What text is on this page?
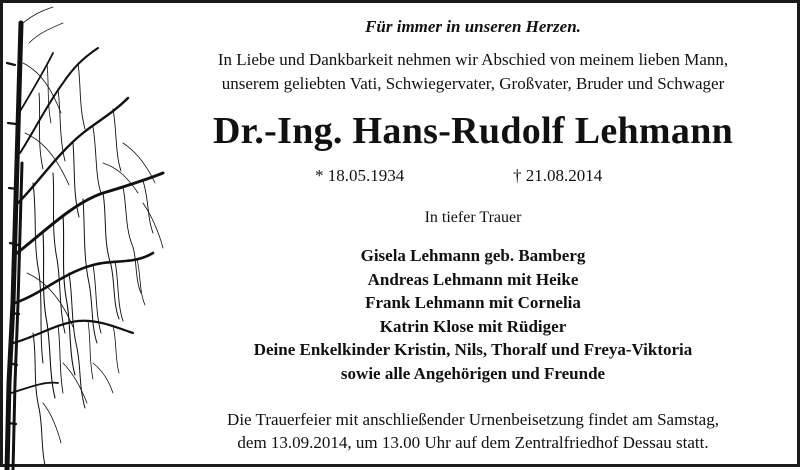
Für immer in unseren Herzen.
In Liebe und Dankbarkeit nehmen wir Abschied von meinem lieben Mann,
unserem geliebten Vati, Schwiegervater, Großvater, Bruder und Schwager
Dr.-Ing. Hans-Rudolf Lehmann
* 18.05.1934	† 21.08.2014
In tiefer Trauer
Gisela Lehmann geb. Bamberg
Andreas Lehmann mit Heike
Frank Lehmann mit Cornelia
Katrin Klose mit Rüdiger
Deine Enkelkinder Kristin, Nils, Thoralf und Freya-Viktoria
sowie alle Angehörigen und Freunde
Die Trauerfeier mit anschließender Urnenbeisetzung findet am Samstag,
dem 13.09.2014, um 13.00 Uhr auf dem Zentralfriedhof Dessau statt.
